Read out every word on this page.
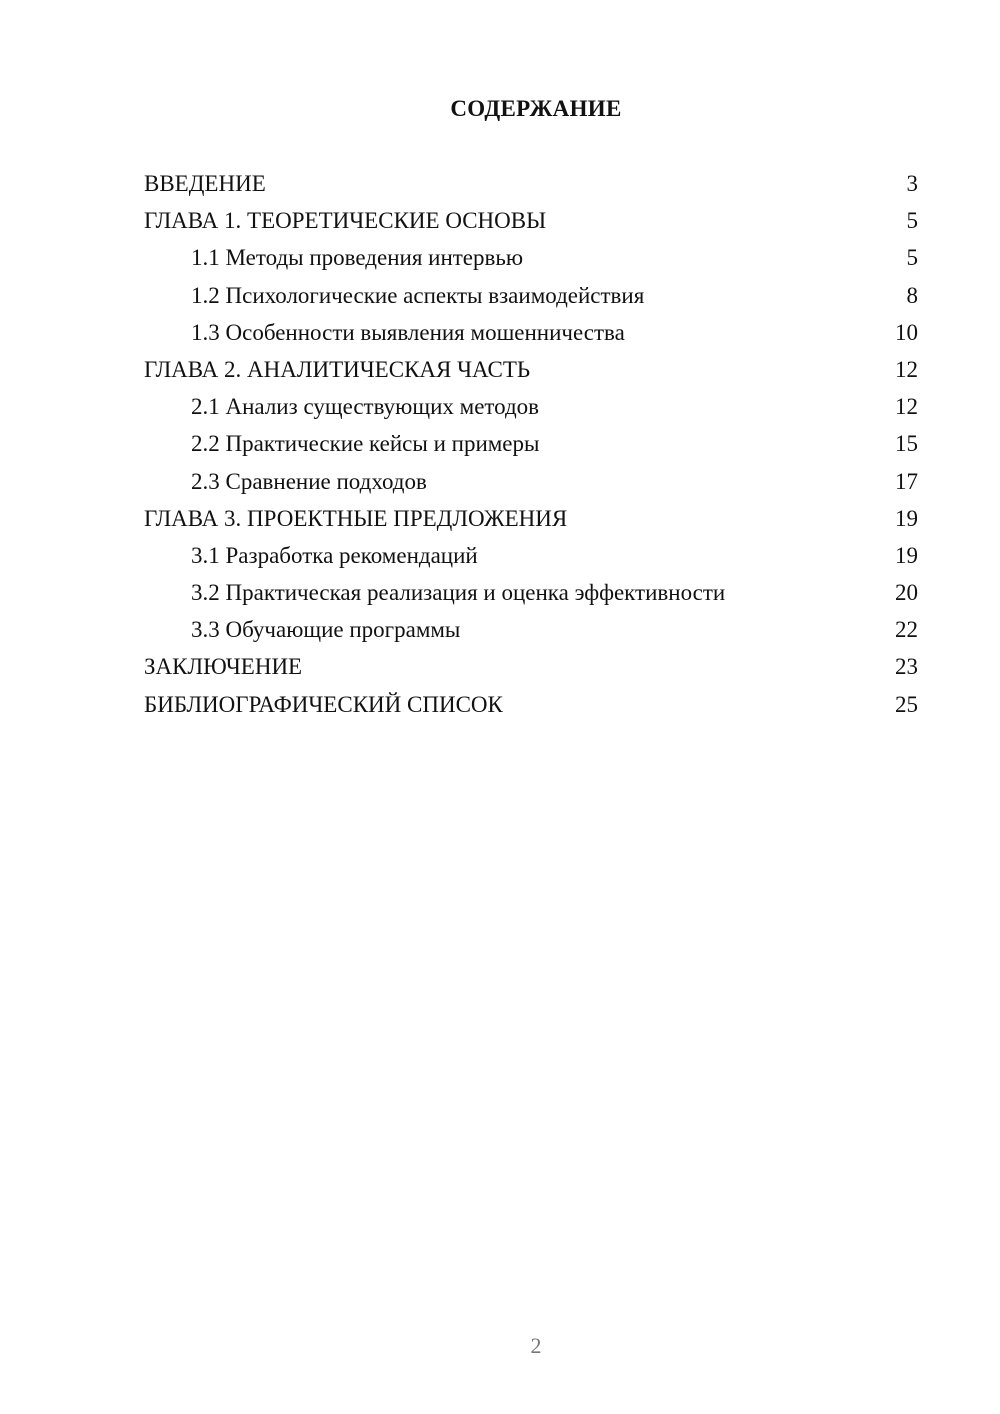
СОДЕРЖАНИЕ
ВВЕДЕНИЕ	3
ГЛАВА 1. ТЕОРЕТИЧЕСКИЕ ОСНОВЫ	5
1.1 Методы проведения интервью	5
1.2 Психологические аспекты взаимодействия	8
1.3 Особенности выявления мошенничества	10
ГЛАВА 2. АНАЛИТИЧЕСКАЯ ЧАСТЬ	12
2.1 Анализ существующих методов	12
2.2 Практические кейсы и примеры	15
2.3 Сравнение подходов	17
ГЛАВА 3. ПРОЕКТНЫЕ ПРЕДЛОЖЕНИЯ	19
3.1 Разработка рекомендаций	19
3.2 Практическая реализация и оценка эффективности	20
3.3 Обучающие программы	22
ЗАКЛЮЧЕНИЕ	23
БИБЛИОГРАФИЧЕСКИЙ СПИСОК	25
2
